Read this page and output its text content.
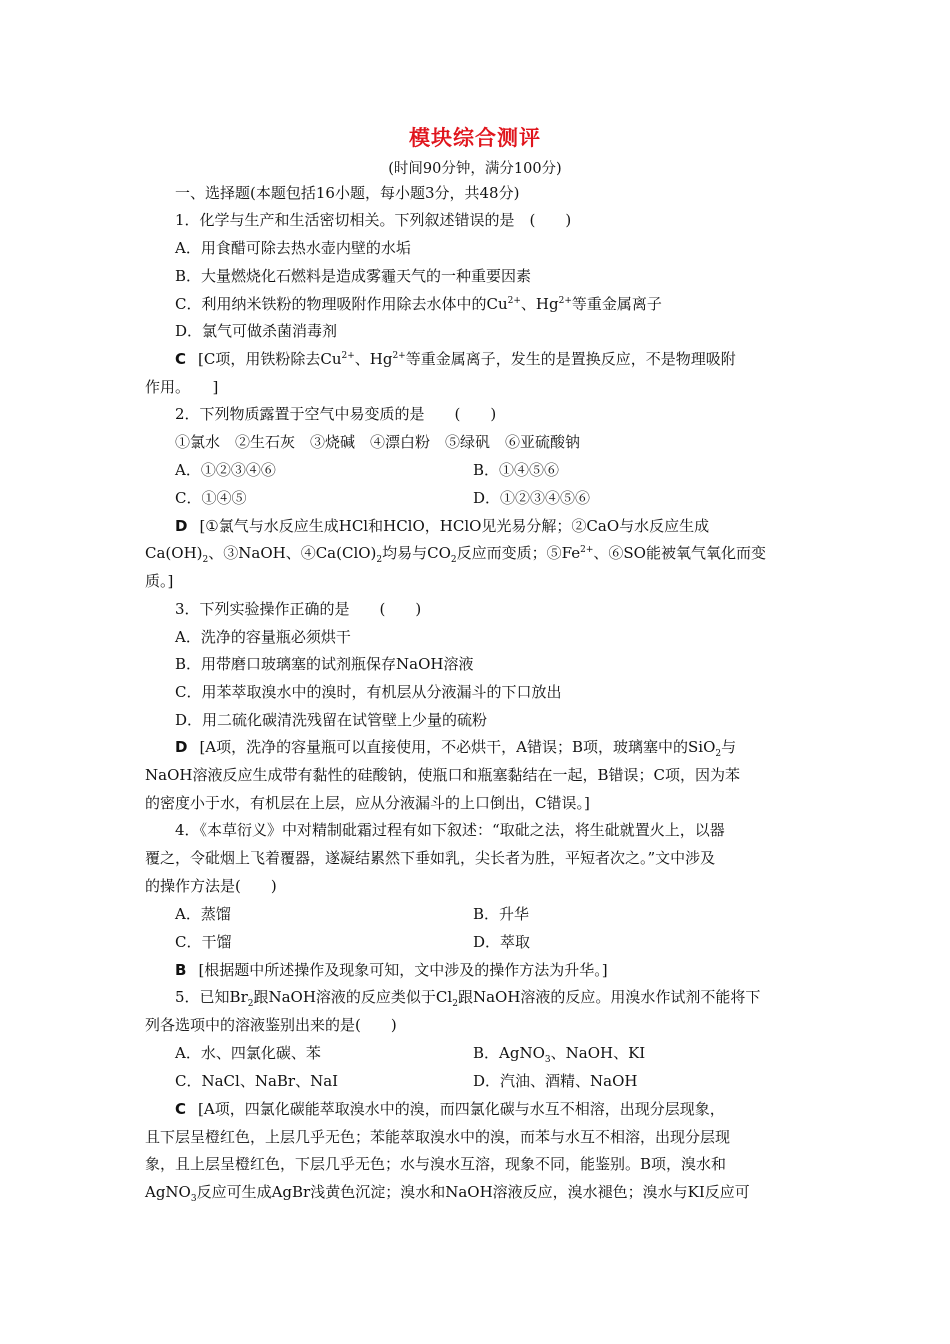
模块综合测评
(时间90分钟，满分100分)
一、选择题(本题包括16小题，每小题3分，共48分)
1．化学与生产和生活密切相关。下列叙述错误的是　(　　)
A．用食醋可除去热水壶内壁的水垢
B．大量燃烧化石燃料是造成雾霾天气的一种重要因素
C．利用纳米铁粉的物理吸附作用除去水体中的$Cu^{2+}$、$Hg^{2+}$等重金属离子
D．氯气可做杀菌消毒剂
C [C项，用铁粉除去$Cu^{2+}$、$Hg^{2+}$等重金属离子，发生的是置换反应，不是物理吸附
作用。　　]
2．下列物质露置于空气中易变质的是　　(　　)
①氯水　②生石灰　③烧碱　④漂白粉　⑤绿矾　⑥亚硫酸钠
A．①②③④⑥	B．①④⑤⑥
C．①④⑤	D．①②③④⑤⑥
D [①氯气与水反应生成HCl和HClO，HClO见光易分解；②CaO与水反应生成
$Ca(OH)_2$、③NaOH、$④Ca(ClO)_2$均易与$CO_2$反应而变质；$⑤Fe^{2+}$、⑥SO能被氧气氧化而变
质。]
3．下列实验操作正确的是　　(　　)
A．洗净的容量瓶必须烘干
B．用带磨口玻璃塞的试剂瓶保存NaOH溶液
C．用苯萃取溴水中的溴时，有机层从分液漏斗的下口放出
D．用二硫化碳清洗残留在试管壁上少量的硫粉
D [A项，洗净的容量瓶可以直接使用，不必烘干，A错误；B项，玻璃塞中的SiO$_2$与
NaOH溶液反应生成带有黏性的硅酸钠，使瓶口和瓶塞黏结在一起，B错误；C项，因为苯
的密度小于水，有机层在上层，应从分液漏斗的上口倒出，C错误。]
4．《本草衍义》中对精制砒霜过程有如下叙述：“取砒之法，将生砒就置火上，以器
覆之，令砒烟上飞着覆器，遂凝结累然下垂如乳，尖长者为胜，平短者次之。”文中涉及
的操作方法是(　　)
A．蒸馏	B．升华
C．干馏	D．萃取
B [根据题中所述操作及现象可知，文中涉及的操作方法为升华。]
5．已知$Br_2$跟NaOH溶液的反应类似于$Cl_2$跟NaOH溶液的反应。用溴水作试剂不能将下
列各选项中的溶液鉴别出来的是(　　)
A．水、四氯化碳、苯	B．AgNO$_3$、NaOH、KI
C．NaCl、NaBr、NaI	D．汽油、酒精、NaOH
C [A项，四氯化碳能萃取溴水中的溴，而四氯化碳与水互不相溶，出现分层现象，
且下层呈橙红色，上层几乎无色；苯能萃取溴水中的溴，而苯与水互不相溶，出现分层现
象，且上层呈橙红色，下层几乎无色；水与溴水互溶，现象不同，能鉴别。B项，溴水和
AgNO$_3$反应可生成AgBr浅黄色沉淀；溴水和NaOH溶液反应，溴水褪色；溴水与KI反应可
